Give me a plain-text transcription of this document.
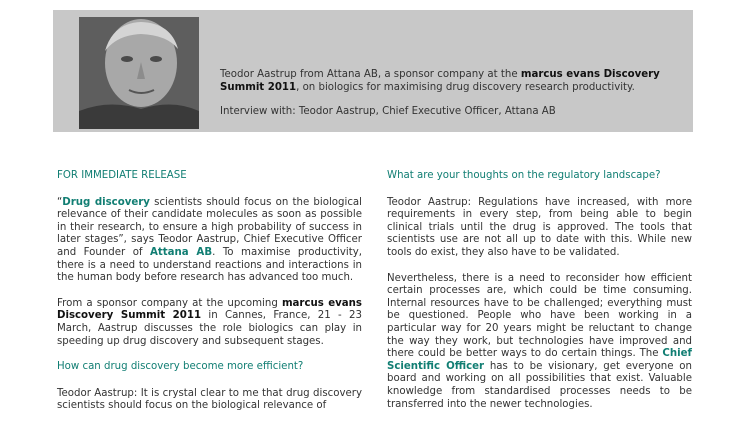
Teodor Aastrup from Attana AB, a sponsor company at the marcus evans Discovery Summit 2011, on biologics for maximising drug discovery research productivity.

Interview with: Teodor Aastrup, Chief Executive Officer, Attana AB

FOR IMMEDIATE RELEASE

“Drug discovery scientists should focus on the biological relevance of their candidate molecules as soon as possible in their research, to ensure a high probability of success in later stages”, says Teodor Aastrup, Chief Executive Officer and Founder of Attana AB. To maximise productivity, there is a need to understand reactions and interactions in the human body before research has advanced too much.

From a sponsor company at the upcoming marcus evans Discovery Summit 2011 in Cannes, France, 21 - 23 March, Aastrup discusses the role biologics can play in speeding up drug discovery and subsequent stages.

How can drug discovery become more efficient?

Teodor Aastrup: It is crystal clear to me that drug discovery scientists should focus on the biological relevance of

What are your thoughts on the regulatory landscape?

Teodor Aastrup: Regulations have increased, with more requirements in every step, from being able to begin clinical trials until the drug is approved. The tools that scientists use are not all up to date with this. While new tools do exist, they also have to be validated.

Nevertheless, there is a need to reconsider how efficient certain processes are, which could be time consuming. Internal resources have to be challenged; everything must be questioned. People who have been working in a particular way for 20 years might be reluctant to change the way they work, but technologies have improved and there could be better ways to do certain things. The Chief Scientific Officer has to be visionary, get everyone on board and working on all possibilities that exist. Valuable knowledge from standardised processes needs to be transferred into the newer technologies.
